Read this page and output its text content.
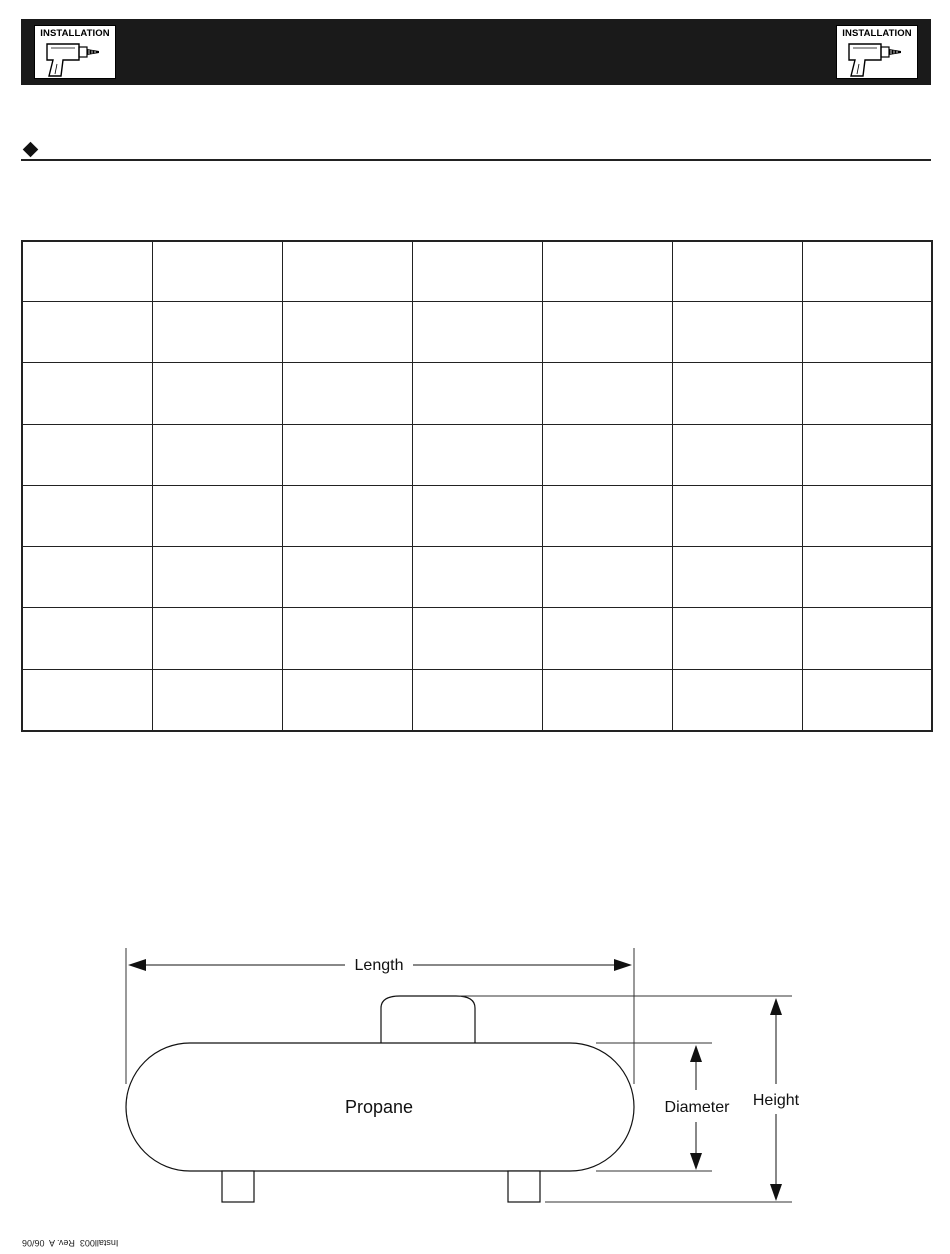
INSTALLATION	INSTALLATION

Length
Propane	Diameter Height
Install003  Rev. A  06/06
